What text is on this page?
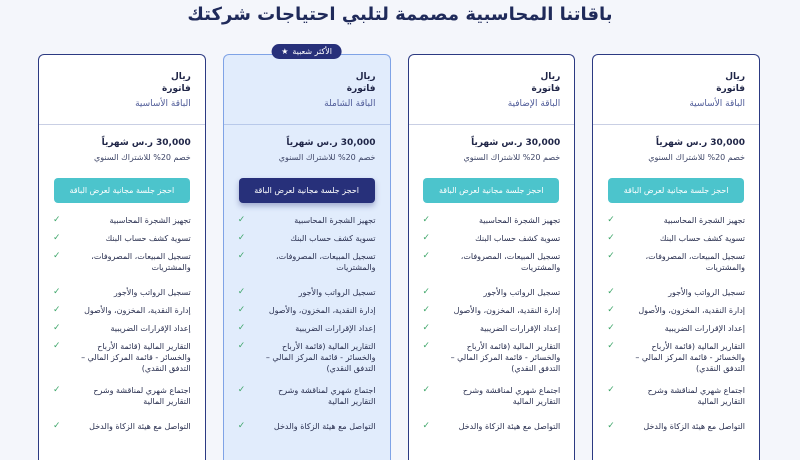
باقاتنا المحاسبية مصممة لتلبي احتياجات شركتك
ريال
فاتورة
الباقة الأساسية
30,000 ر.س شهرياً
خصم 20% للاشتراك السنوي
احجز جلسة مجانية لعرض الباقة
✓	تجهيز الشجرة المحاسبية
✓	تسوية كشف حساب البنك
✓	تسجيل المبيعات، المصروفات، والمشتريات
✓	تسجيل الرواتب والأجور
✓	إدارة النقدية، المخزون، والأصول
✓	إعداد الإقرارات الضريبية
✓	التقارير المالية (قائمة الأرباح والخسائر - قائمة المركز المالي – التدفق النقدي)
✓	اجتماع شهري لمناقشة وشرح التقارير المالية
✓	التواصل مع هيئة الزكاة والدخل
ريال
فاتورة
الباقة الإضافية
30,000 ر.س شهرياً
خصم 20% للاشتراك السنوي
احجز جلسة مجانية لعرض الباقة
✓	تجهيز الشجرة المحاسبية
✓	تسوية كشف حساب البنك
✓	تسجيل المبيعات، المصروفات، والمشتريات
✓	تسجيل الرواتب والأجور
✓	إدارة النقدية، المخزون، والأصول
✓	إعداد الإقرارات الضريبية
✓	التقارير المالية (قائمة الأرباح والخسائر - قائمة المركز المالي – التدفق النقدي)
✓	اجتماع شهري لمناقشة وشرح التقارير المالية
✓	التواصل مع هيئة الزكاة والدخل
الأكثر شعبية
★
ريال
فاتورة
الباقة الشاملة
30,000 ر.س شهرياً
خصم 20% للاشتراك السنوي
احجز جلسة مجانية لعرض الباقة
✓	تجهيز الشجرة المحاسبية
✓	تسوية كشف حساب البنك
✓	تسجيل المبيعات، المصروفات، والمشتريات
✓	تسجيل الرواتب والأجور
✓	إدارة النقدية، المخزون، والأصول
✓	إعداد الإقرارات الضريبية
✓	التقارير المالية (قائمة الأرباح والخسائر - قائمة المركز المالي – التدفق النقدي)
✓	اجتماع شهري لمناقشة وشرح التقارير المالية
✓	التواصل مع هيئة الزكاة والدخل
ريال
فاتورة
الباقة الأساسية
30,000 ر.س شهرياً
خصم 20% للاشتراك السنوي
احجز جلسة مجانية لعرض الباقة
✓	تجهيز الشجرة المحاسبية
✓	تسوية كشف حساب البنك
✓	تسجيل المبيعات، المصروفات، والمشتريات
✓	تسجيل الرواتب والأجور
✓	إدارة النقدية، المخزون، والأصول
✓	إعداد الإقرارات الضريبية
✓	التقارير المالية (قائمة الأرباح والخسائر - قائمة المركز المالي – التدفق النقدي)
✓	اجتماع شهري لمناقشة وشرح التقارير المالية
✓	التواصل مع هيئة الزكاة والدخل
